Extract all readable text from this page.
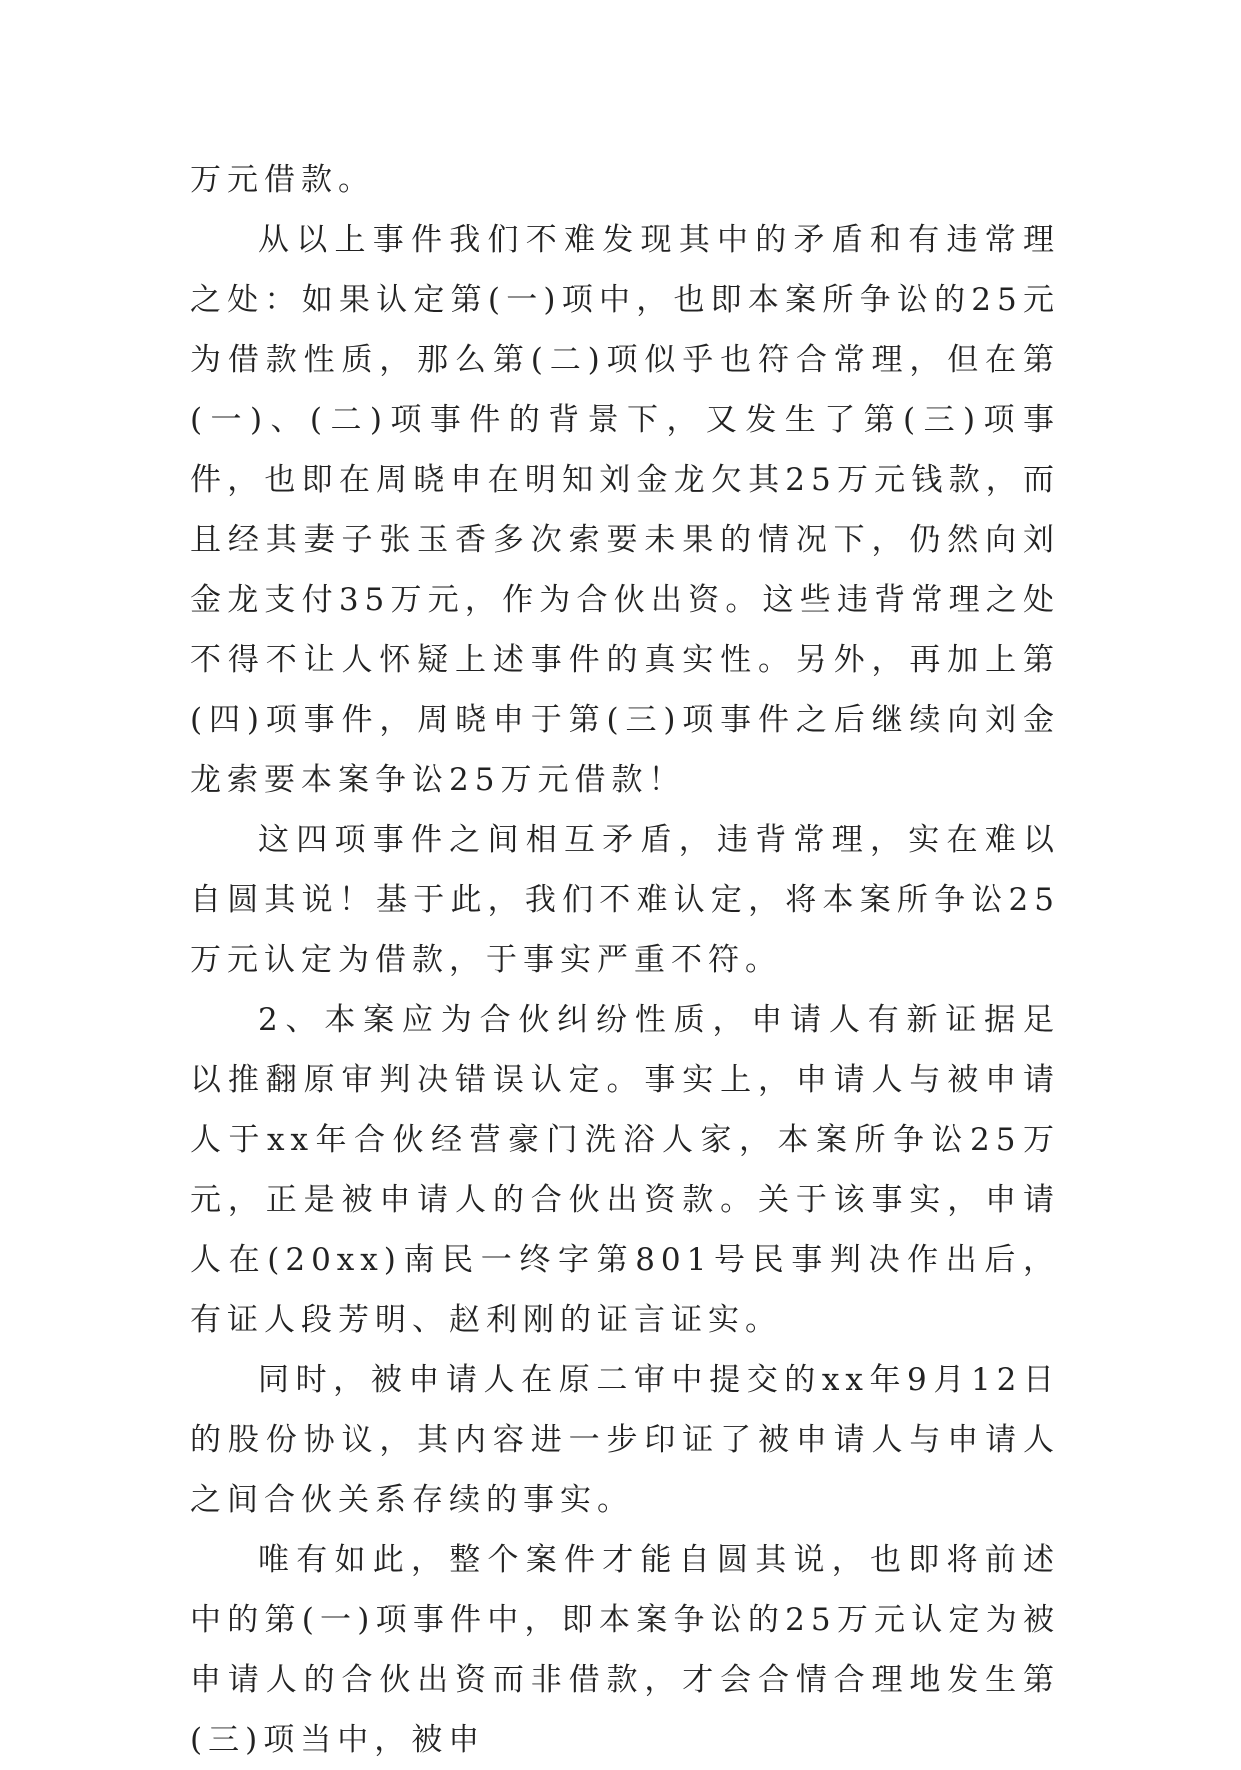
万元借款。

从以上事件我们不难发现其中的矛盾和有违常理之处：如果认定第(一)项中，也即本案所争讼的25元为借款性质，那么第(二)项似乎也符合常理，但在第(一)、(二)项事件的背景下，又发生了第(三)项事件，也即在周晓申在明知刘金龙欠其25万元钱款，而且经其妻子张玉香多次索要未果的情况下，仍然向刘金龙支付35万元，作为合伙出资。这些违背常理之处不得不让人怀疑上述事件的真实性。另外，再加上第(四)项事件，周晓申于第(三)项事件之后继续向刘金龙索要本案争讼25万元借款！

这四项事件之间相互矛盾，违背常理，实在难以自圆其说！基于此，我们不难认定，将本案所争讼25万元认定为借款，于事实严重不符。

2、本案应为合伙纠纷性质，申请人有新证据足以推翻原审判决错误认定。事实上，申请人与被申请人于xx年合伙经营豪门洗浴人家，本案所争讼25万元，正是被申请人的合伙出资款。关于该事实，申请人在(20xx)南民一终字第801号民事判决作出后，有证人段芳明、赵利刚的证言证实。

同时，被申请人在原二审中提交的xx年9月12日的股份协议，其内容进一步印证了被申请人与申请人之间合伙关系存续的事实。

唯有如此，整个案件才能自圆其说，也即将前述中的第(一)项事件中，即本案争讼的25万元认定为被申请人的合伙出资而非借款，才会合情合理地发生第(三)项当中，被申
